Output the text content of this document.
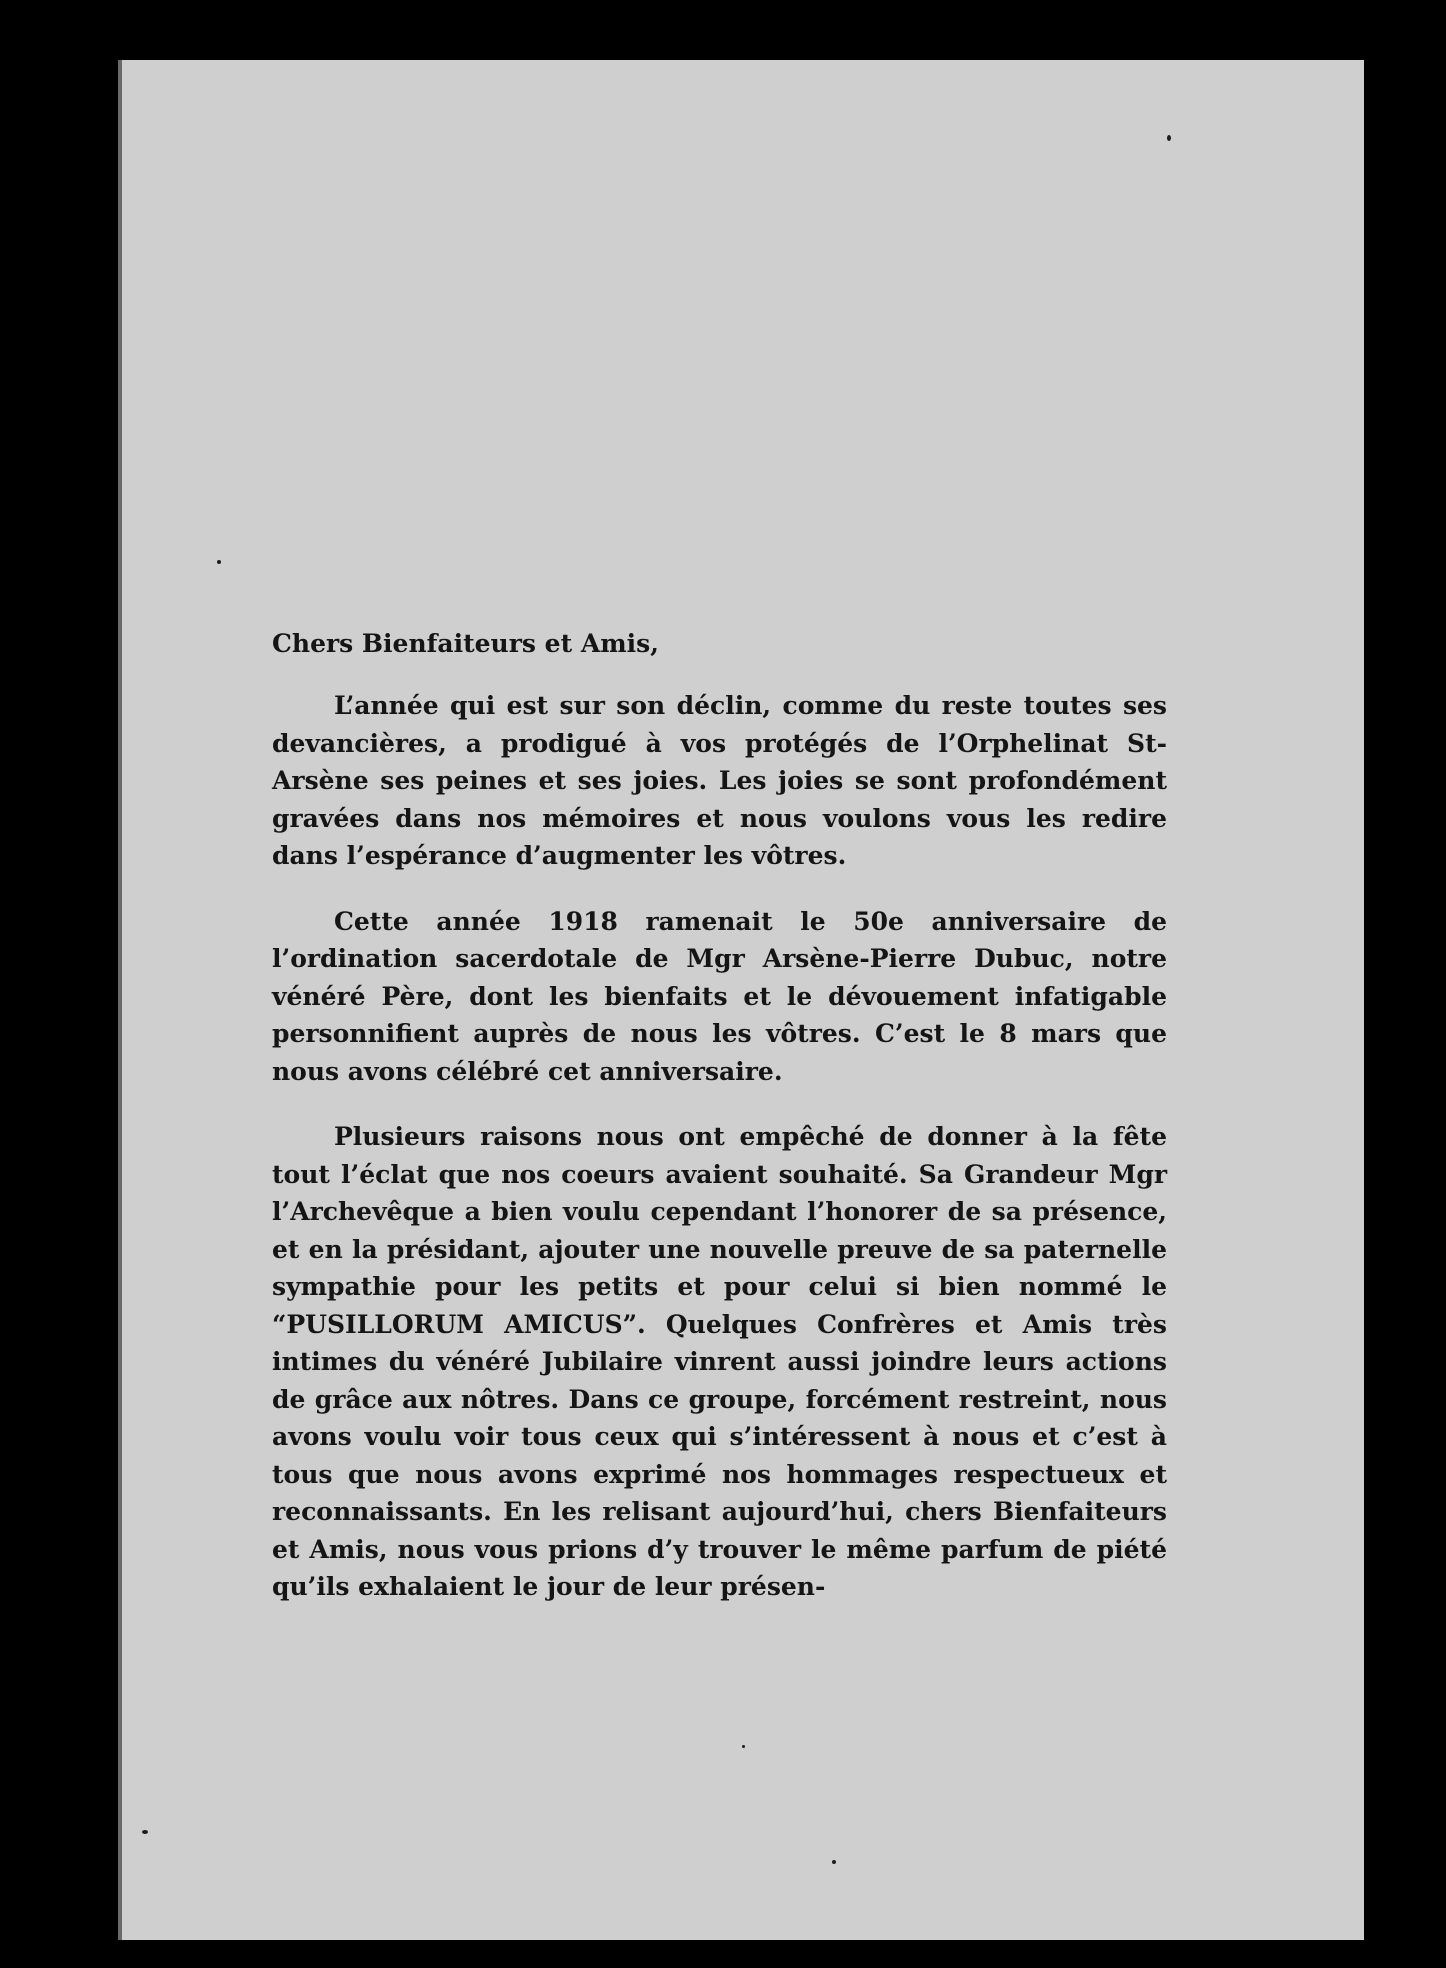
Chers Bienfaiteurs et Amis,

L’année qui est sur son déclin, comme du reste toutes ses devancières, a prodigué à vos protégés de l’Orphelinat St-Arsène ses peines et ses joies. Les joies se sont profondément gravées dans nos mémoires et nous voulons vous les redire dans l’espérance d’augmenter les vôtres.

Cette année 1918 ramenait le 50e anniversaire de l’ordination sacerdotale de Mgr Arsène-Pierre Dubuc, notre vénéré Père, dont les bienfaits et le dévouement infatigable personnifient auprès de nous les vôtres. C’est le 8 mars que nous avons célébré cet anniversaire.

Plusieurs raisons nous ont empêché de donner à la fête tout l’éclat que nos coeurs avaient souhaité. Sa Grandeur Mgr l’Archevêque a bien voulu cependant l’honorer de sa présence, et en la présidant, ajouter une nouvelle preuve de sa paternelle sympathie pour les petits et pour celui si bien nommé le “PUSILLORUM AMICUS”. Quelques Confrères et Amis très intimes du vénéré Jubilaire vinrent aussi joindre leurs actions de grâce aux nôtres. Dans ce groupe, forcément restreint, nous avons voulu voir tous ceux qui s’intéressent à nous et c’est à tous que nous avons exprimé nos hommages respectueux et reconnaissants. En les relisant aujourd’hui, chers Bienfaiteurs et Amis, nous vous prions d’y trouver le même parfum de piété qu’ils exhalaient le jour de leur présen-
